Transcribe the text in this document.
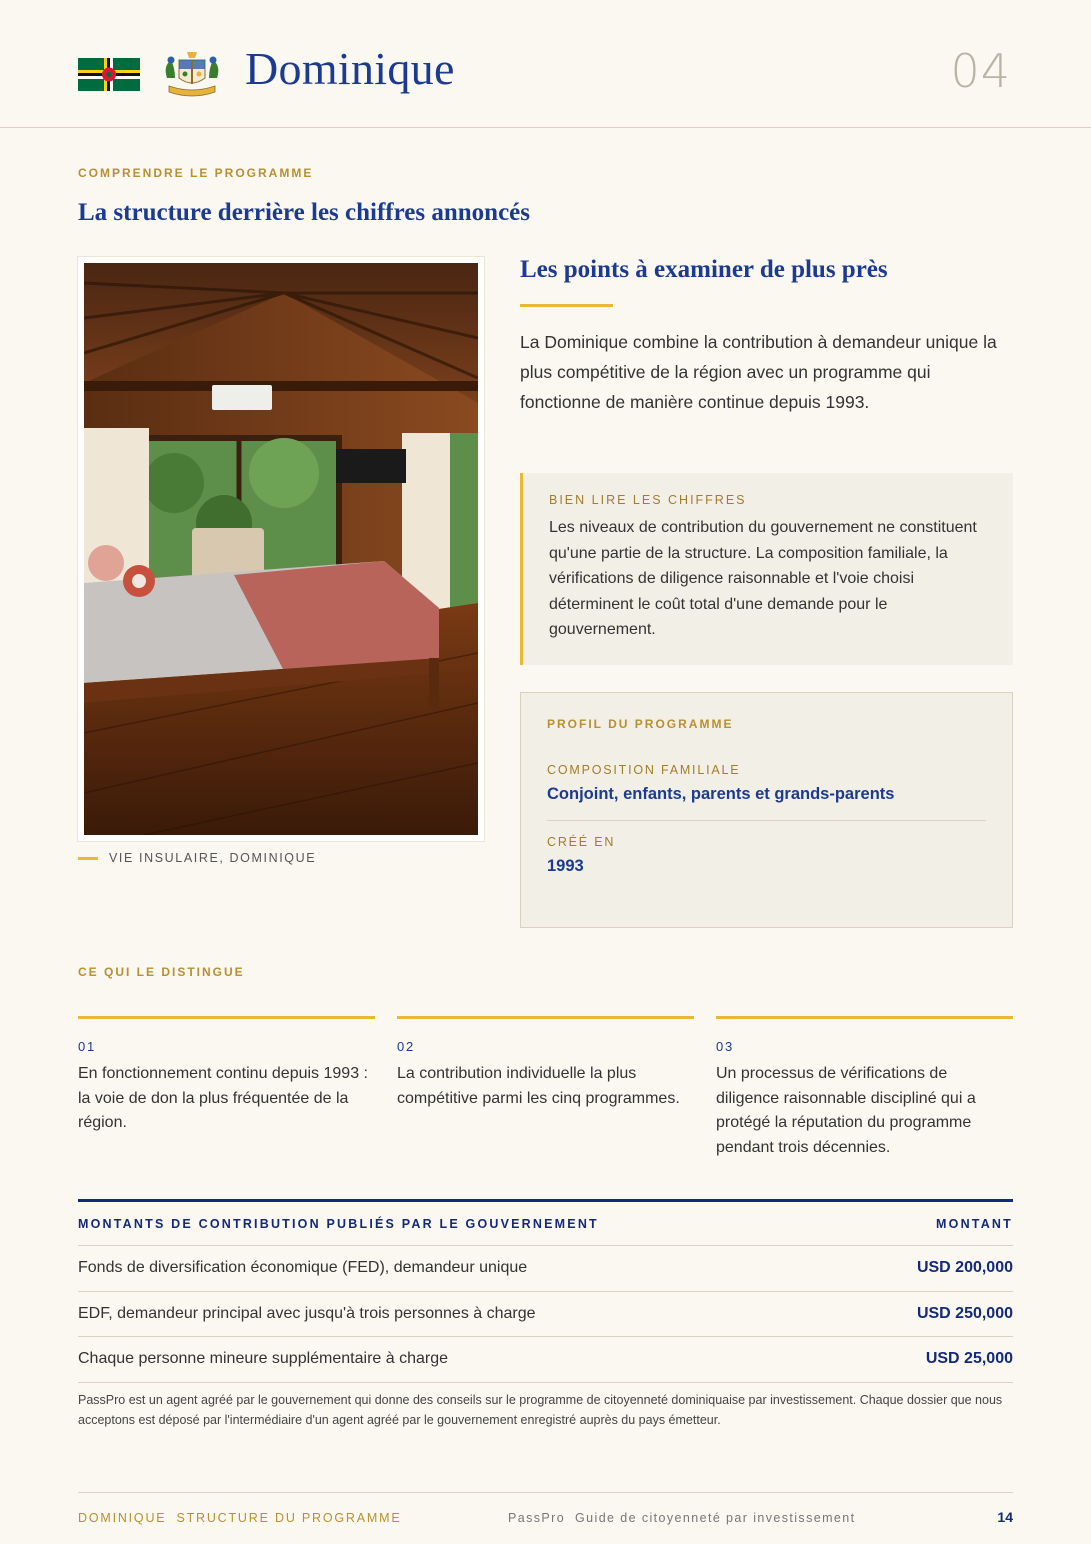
Dominique	04
COMPRENDRE LE PROGRAMME
La structure derrière les chiffres annoncés
VIE INSULAIRE, DOMINIQUE
Les points à examiner de plus près

La Dominique combine la contribution à demandeur unique la plus compétitive de la région avec un programme qui fonctionne de manière continue depuis 1993.

BIEN LIRE LES CHIFFRES

Les niveaux de contribution du gouvernement ne constituent qu'une partie de la structure. La composition familiale, la vérifications de diligence raisonnable et l'voie choisi déterminent le coût total d'une demande pour le gouvernement.

PROFIL DU PROGRAMME
COMPOSITION FAMILIALE
Conjoint, enfants, parents et grands-parents
CRÉÉ EN
1993
CE QUI LE DISTINGUE
01

En fonctionnement continu depuis 1993 : la voie de don la plus fréquentée de la région.

02

La contribution individuelle la plus compétitive parmi les cinq programmes.

03

Un processus de vérifications de diligence raisonnable discipliné qui a protégé la réputation du programme pendant trois décennies.

MONTANTS DE CONTRIBUTION PUBLIÉS PAR LE GOUVERNEMENT	MONTANT
Fonds de diversification économique (FED), demandeur unique	USD 200,000
EDF, demandeur principal avec jusqu'à trois personnes à charge	USD 250,000
Chaque personne mineure supplémentaire à charge	USD 25,000

PassPro est un agent agréé par le gouvernement qui donne des conseils sur le programme de citoyenneté dominiquaise par investissement. Chaque dossier que nous acceptons est déposé par l'intermédiaire d'un agent agréé par le gouvernement enregistré auprès du pays émetteur.

DOMINIQUE STRUCTURE DU PROGRAMME	PassPro Guide de citoyenneté par investissement	14
